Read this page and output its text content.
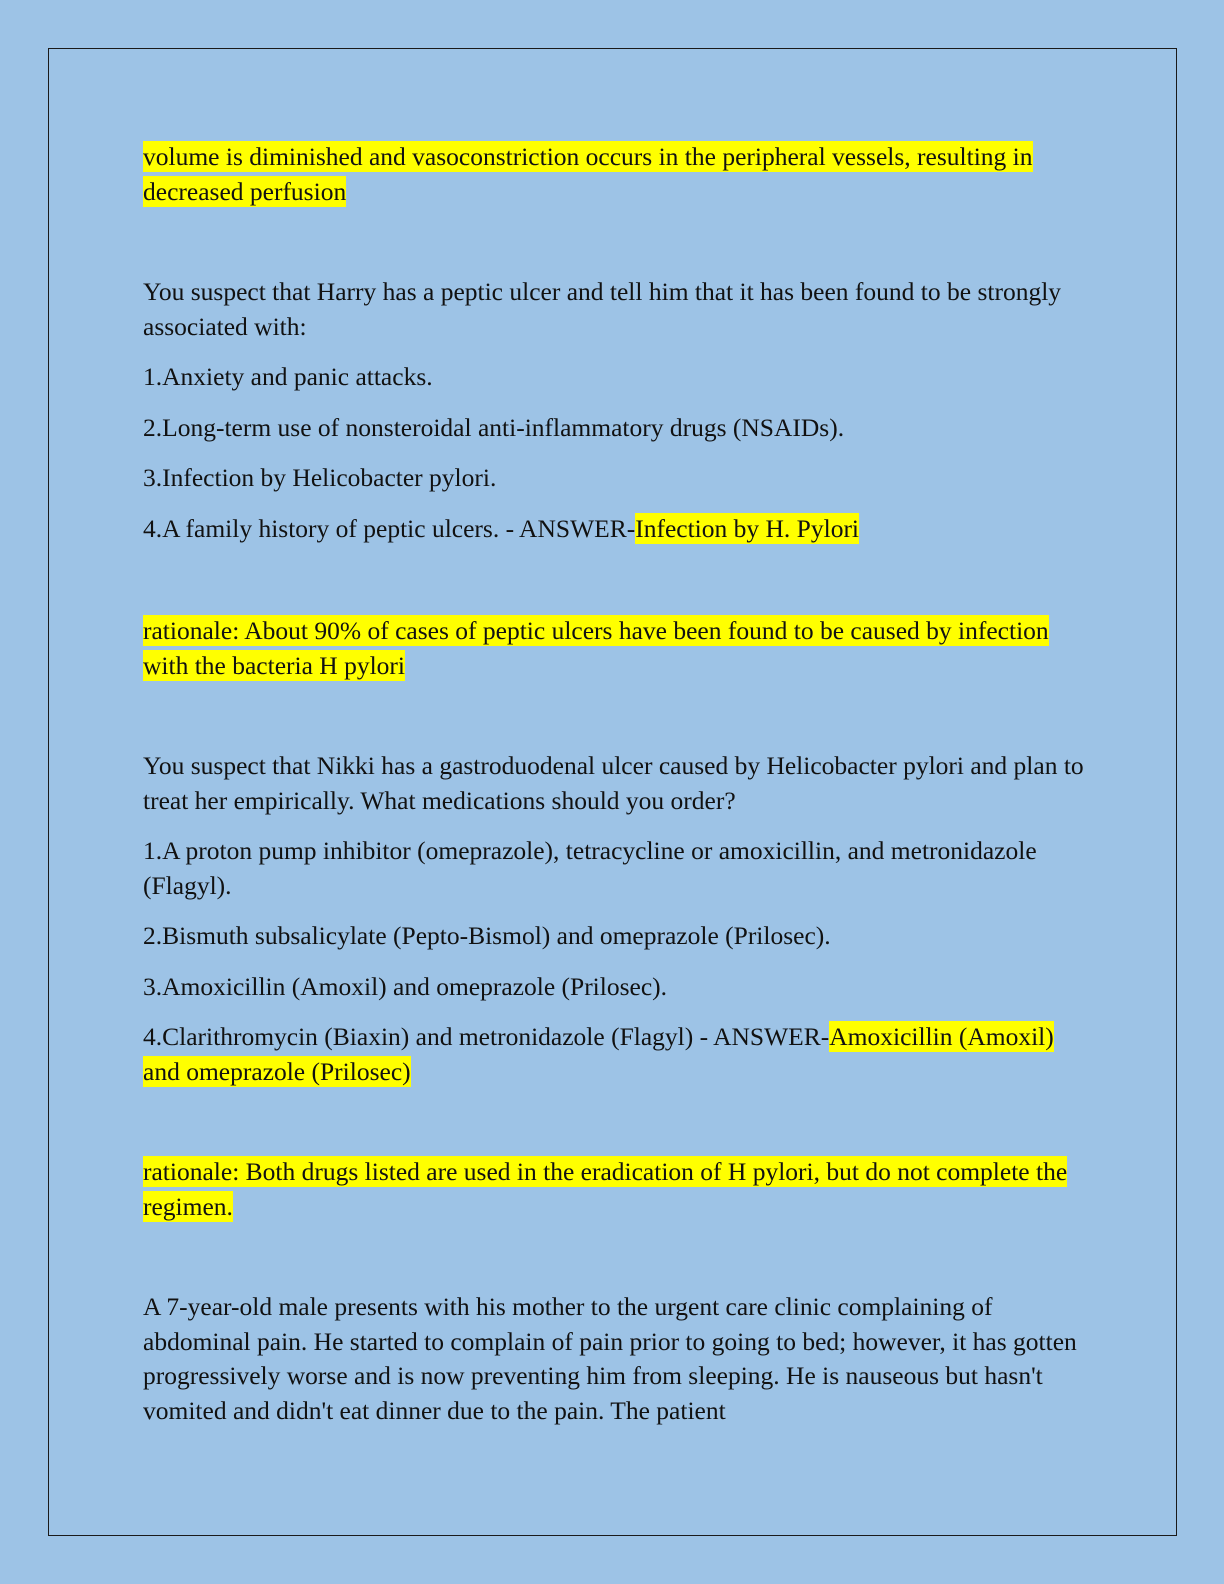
volume is diminished and vasoconstriction occurs in the peripheral vessels, resulting in decreased perfusion

You suspect that Harry has a peptic ulcer and tell him that it has been found to be strongly associated with:

1.Anxiety and panic attacks.

2.Long-term use of nonsteroidal anti-inflammatory drugs (NSAIDs).

3.Infection by Helicobacter pylori.

4.A family history of peptic ulcers. - ANSWER-Infection by H. Pylori

rationale: About 90% of cases of peptic ulcers have been found to be caused by infection with the bacteria H pylori

You suspect that Nikki has a gastroduodenal ulcer caused by Helicobacter pylori and plan to treat her empirically. What medications should you order?

1.A proton pump inhibitor (omeprazole), tetracycline or amoxicillin, and metronidazole (Flagyl).

2.Bismuth subsalicylate (Pepto-Bismol) and omeprazole (Prilosec).

3.Amoxicillin (Amoxil) and omeprazole (Prilosec).

4.Clarithromycin (Biaxin) and metronidazole (Flagyl) - ANSWER-Amoxicillin (Amoxil) and omeprazole (Prilosec)

rationale: Both drugs listed are used in the eradication of H pylori, but do not complete the regimen.

A 7-year-old male presents with his mother to the urgent care clinic complaining of abdominal pain. He started to complain of pain prior to going to bed; however, it has gotten progressively worse and is now preventing him from sleeping. He is nauseous but hasn't vomited and didn't eat dinner due to the pain. The patient
